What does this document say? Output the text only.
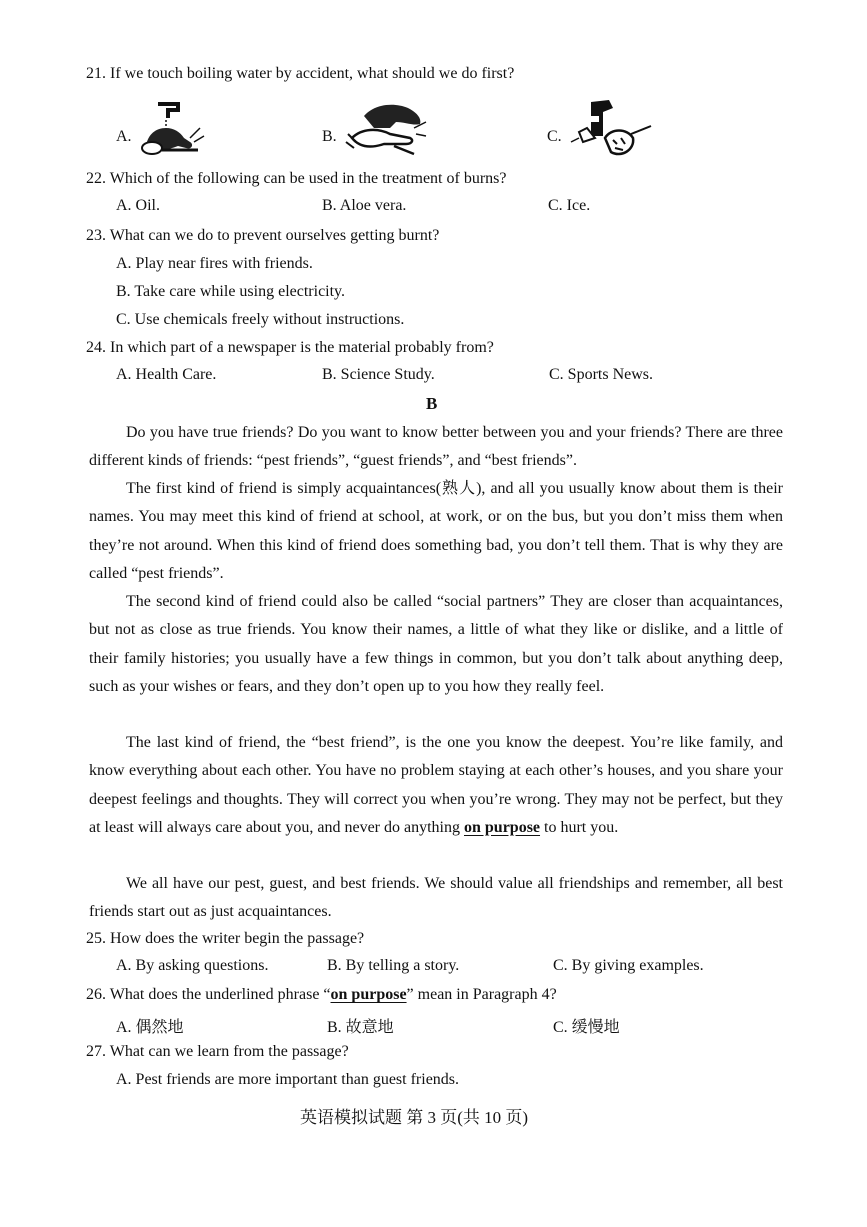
21. If we touch boiling water by accident, what should we do first?
A.	B.	C.
22. Which of the following can be used in the treatment of burns?
A. Oil.	B. Aloe vera.	C. Ice.
23. What can we do to prevent ourselves getting burnt?
A. Play near fires with friends.
B. Take care while using electricity.
C. Use chemicals freely without instructions.
24. In which part of a newspaper is the material probably from?
A. Health Care.	B. Science Study.	C. Sports News.
B
Do you have true friends? Do you want to know better between you and your friends? There are three different kinds of friends: “pest friends”, “guest friends”, and “best friends”.
The first kind of friend is simply acquaintances(熟人), and all you usually know about them is their names. You may meet this kind of friend at school, at work, or on the bus, but you don’t miss them when they’re not around. When this kind of friend does something bad, you don’t tell them. That is why they are called “pest friends”.
The second kind of friend could also be called “social partners” They are closer than acquaintances, but not as close as true friends. You know their names, a little of what they like or dislike, and a little of their family histories; you usually have a few things in common, but you don’t talk about anything deep, such as your wishes or fears, and they don’t open up to you how they really feel.
The last kind of friend, the “best friend”, is the one you know the deepest. You’re like family, and know everything about each other. You have no problem staying at each other’s houses, and you share your deepest feelings and thoughts. They will correct you when you’re wrong. They may not be perfect, but they at least will always care about you, and never do anything on purpose to hurt you.
We all have our pest, guest, and best friends. We should value all friendships and remember, all best friends start out as just acquaintances.
25. How does the writer begin the passage?
A. By asking questions.	B. By telling a story.	C. By giving examples.
26. What does the underlined phrase “on purpose” mean in Paragraph 4?
A. 偶然地	B. 故意地	C. 缓慢地
27. What can we learn from the passage?
A. Pest friends are more important than guest friends.
英语模拟试题 第 3 页(共 10 页)
